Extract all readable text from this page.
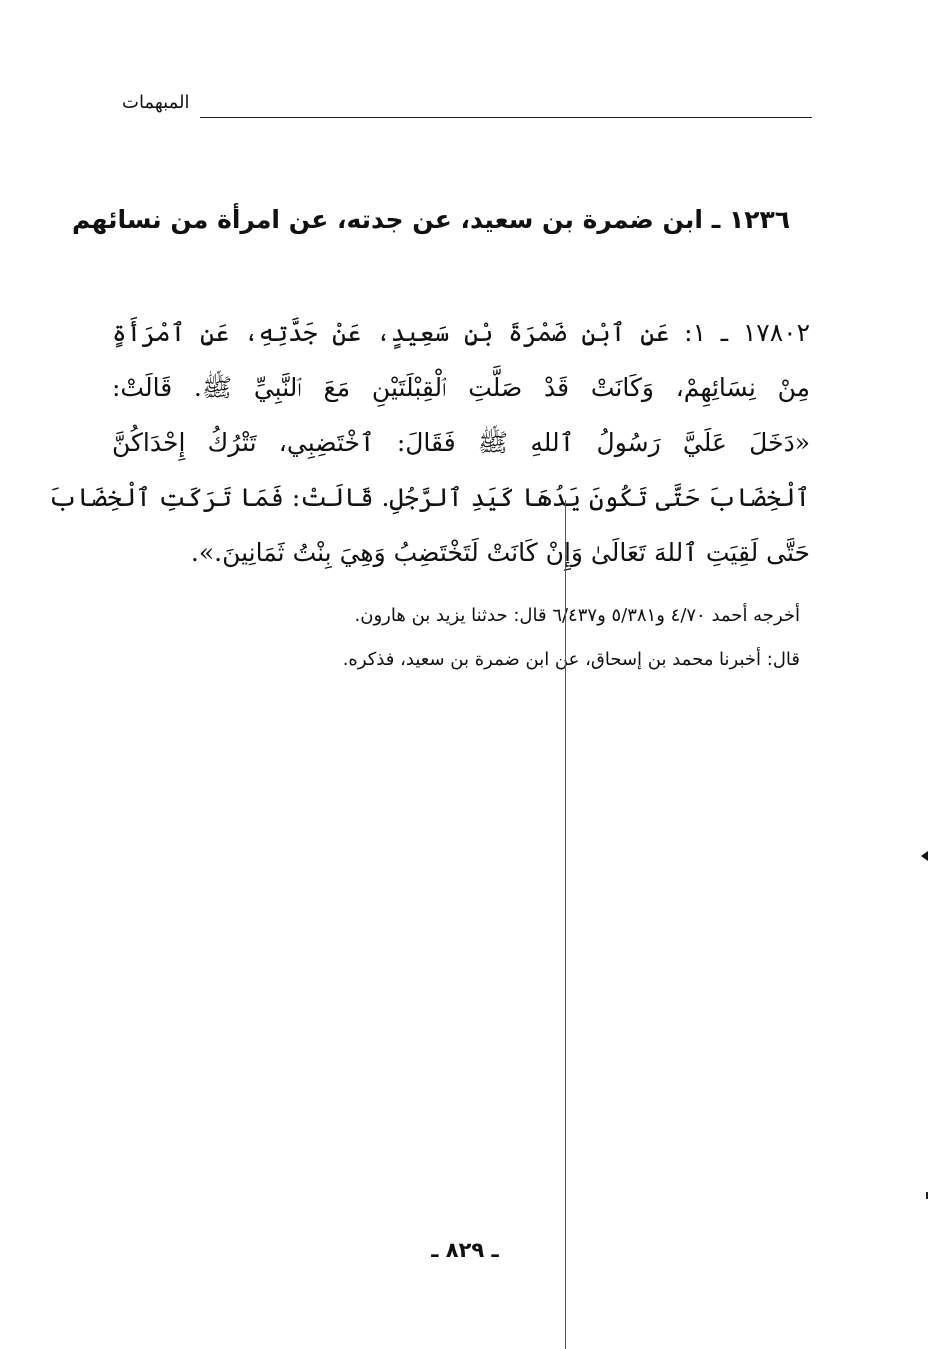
المبهمات
١٢٣٦ ـ ابن ضمرة بن سعيد، عن جدته، عن امرأة من نسائهم
١٧٨٠٢ ـ ١: عَنِ ٱبْنِ ضَمْرَةَ بْنِ سَعِيدٍ، عَنْ جَدَّتِهِ، عَنِ ٱمْرَأَةٍ
مِنْ نِسَائِهِمْ، وَكَانَتْ قَدْ صَلَّتِ ٱلْقِبْلَتَيْنِ مَعَ ٱلنَّبِيِّ ﷺ. قَالَتْ:
«دَخَلَ عَلَيَّ رَسُولُ ٱللهِ ﷺ فَقَالَ: ٱخْتَضِبِي، تَتْرُكُ إِحْدَاكُنَّ
ٱلْخِضَابَ حَتَّى تَكُونَ يَدُهَا كَيَدِ ٱلرَّجُلِ. قَالَتْ: فَمَا تَرَكَتِ ٱلْخِضَابَ
حَتَّى لَقِيَتِ ٱللهَ تَعَالَىٰ وَإِنْ كَانَتْ لَتَخْتَضِبُ وَهِيَ بِنْتُ ثَمَانِينَ.».
أخرجه أحمد ٤/٧٠ و٥/٣٨١ و٦/٤٣٧ قال: حدثنا يزيد بن هارون.
قال: أخبرنا محمد بن إسحاق، عن ابن ضمرة بن سعيد، فذكره.
ـ ٨٢٩ ـ
